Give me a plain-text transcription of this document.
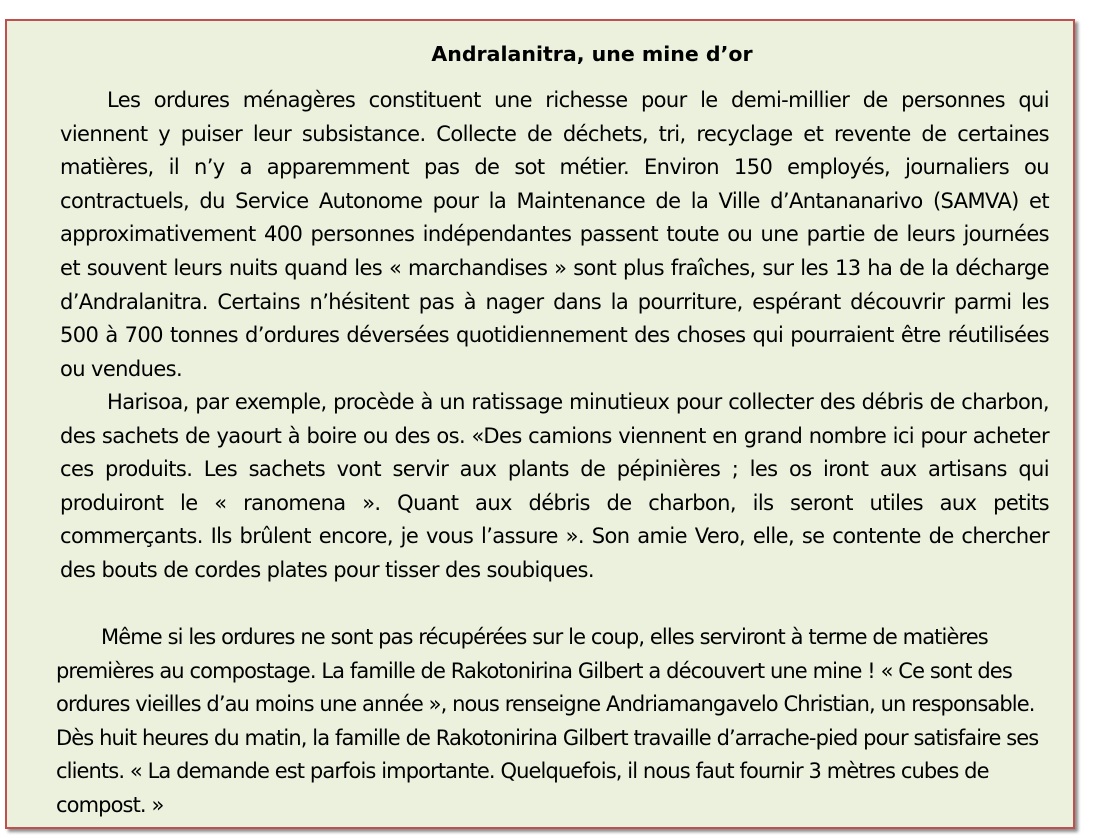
Andralanitra, une mine d’or

Les ordures ménagères constituent une richesse pour le demi-millier de personnes qui viennent y puiser leur subsistance. Collecte de déchets, tri, recyclage et revente de certaines matières, il n’y a apparemment pas de sot métier. Environ 150 employés, journaliers ou contractuels, du Service Autonome pour la Maintenance de la Ville d’Antananarivo (SAMVA) et approximativement 400 personnes indépendantes passent toute ou une partie de leurs journées et souvent leurs nuits quand les « marchandises » sont plus fraîches, sur les 13 ha de la décharge d’Andralanitra. Certains n’hésitent pas à nager dans la pourriture, espérant découvrir parmi les 500 à 700 tonnes d’ordures déversées quotidiennement des choses qui pourraient être réutilisées ou vendues.

Harisoa, par exemple, procède à un ratissage minutieux pour collecter des débris de charbon, des sachets de yaourt à boire ou des os. «Des camions viennent en grand nombre ici pour acheter ces produits. Les sachets vont servir aux plants de pépinières ; les os iront aux artisans qui produiront le « ranomena ». Quant aux débris de charbon, ils seront utiles aux petits commerçants. Ils brûlent encore, je vous l’assure ». Son amie Vero, elle, se contente de chercher des bouts de cordes plates pour tisser des soubiques.

Même si les ordures ne sont pas récupérées sur le coup, elles serviront à terme de matières premières au compostage. La famille de Rakotonirina Gilbert a découvert une mine ! « Ce sont des ordures vieilles d’au moins une année », nous renseigne Andriamangavelo Christian, un responsable. Dès huit heures du matin, la famille de Rakotonirina Gilbert travaille d’arrache-pied pour satisfaire ses clients. « La demande est parfois importante. Quelquefois, il nous faut fournir 3 mètres cubes de compost. »
